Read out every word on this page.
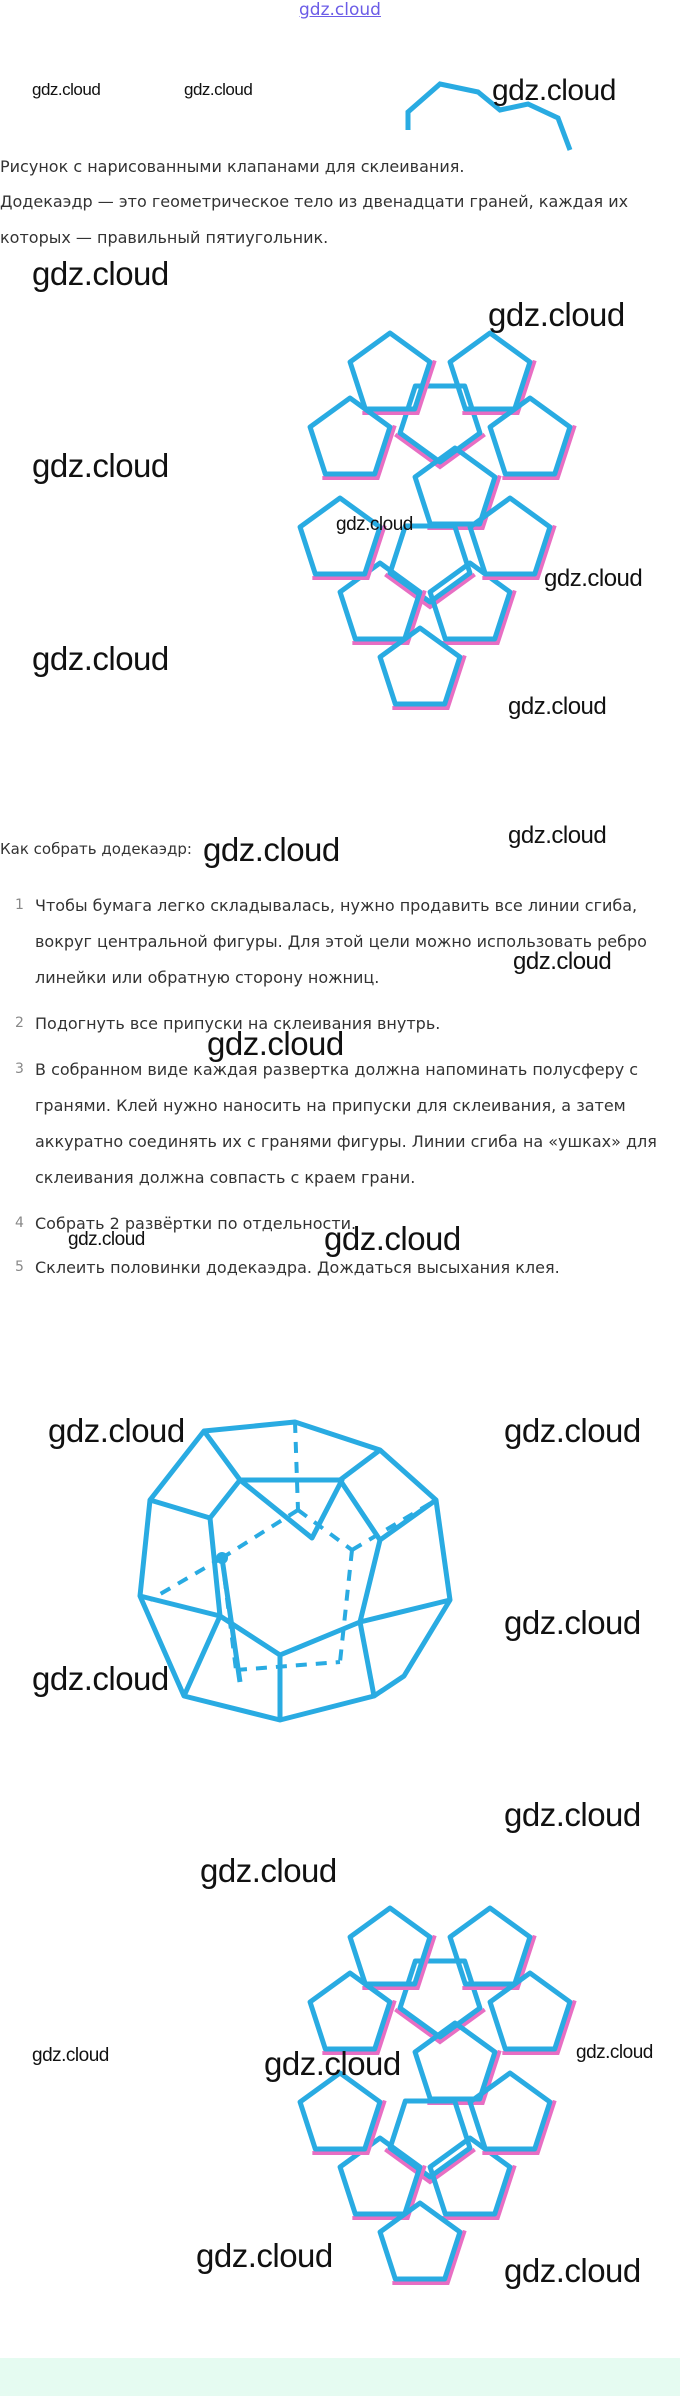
gdz.cloud
gdz.cloud	gdz.cloud	gdz.cloud
Рисунок с нарисованными клапанами для склеивания.
Додекаэдр — это геометрическое тело из двенадцати граней, каждая их
которых — правильный пятиугольник.
gdz.cloud
gdz.cloud
gdz.cloud
gdz.cloud
gdz.cloud
gdz.cloud
gdz.cloud
gdz.cloud
Как собрать додекаэдр: gdz.cloud
1 Чтобы бумага легко складывалась, нужно продавить все линии сгиба, вокруг центральной фигуры. Для этой цели можно использовать ребро линейки или обратную сторону ножниц.
2 Подогнуть все припуски на склеивания внутрь.
3 В собранном виде каждая развертка должна напоминать полусферу с гранями. Клей нужно наносить на припуски для склеивания, а затем аккуратно соединять их с гранями фигуры. Линии сгиба на «ушках» для склеивания должна совпасть с краем грани.
4 Собрать 2 развёртки по отдельности.
5 Склеить половинки додекаэдра. Дождаться высыхания клея.
gdz.cloud
gdz.cloud
gdz.cloud	gdz.cloud
gdz.cloud	gdz.cloud
gdz.cloud
gdz.cloud
gdz.cloud
gdz.cloud
gdz.cloud	gdz.cloud	gdz.cloud
gdz.cloud	gdz.cloud
